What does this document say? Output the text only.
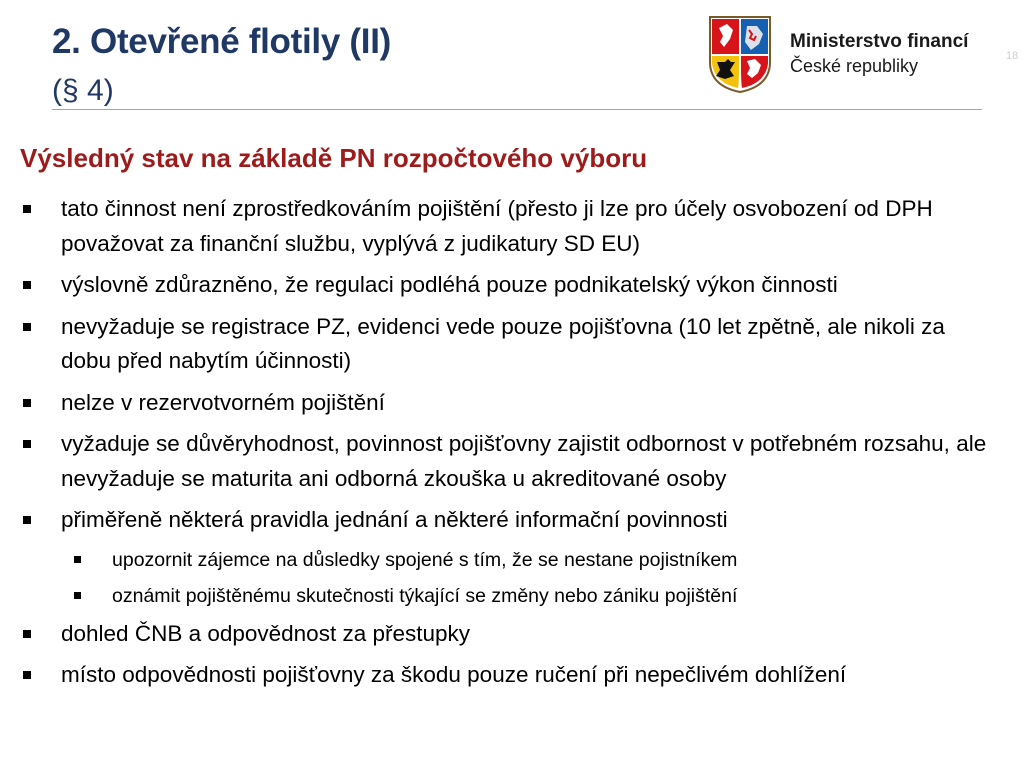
2. Otevřené flotily (II)
(§ 4)
Ministerstvo financí
České republiky	18
Výsledný stav na základě PN rozpočtového výboru
tato činnost není zprostředkováním pojištění (přesto ji lze pro účely osvobození od DPH považovat za finanční službu, vyplývá z judikatury SD EU)
výslovně zdůrazněno, že regulaci podléhá pouze podnikatelský výkon činnosti
nevyžaduje se registrace PZ, evidenci vede pouze pojišťovna (10 let zpětně, ale nikoli za dobu před nabytím účinnosti)
nelze v rezervotvorném pojištění
vyžaduje se důvěryhodnost, povinnost pojišťovny zajistit odbornost v potřebném rozsahu, ale nevyžaduje se maturita ani odborná zkouška u akreditované osoby
přiměřeně některá pravidla jednání a některé informační povinnosti
upozornit zájemce na důsledky spojené s tím, že se nestane pojistníkem
oznámit pojištěnému skutečnosti týkající se změny nebo zániku pojištění
dohled ČNB a odpovědnost za přestupky
místo odpovědnosti pojišťovny za škodu pouze ručení při nepečlivém dohlížení
